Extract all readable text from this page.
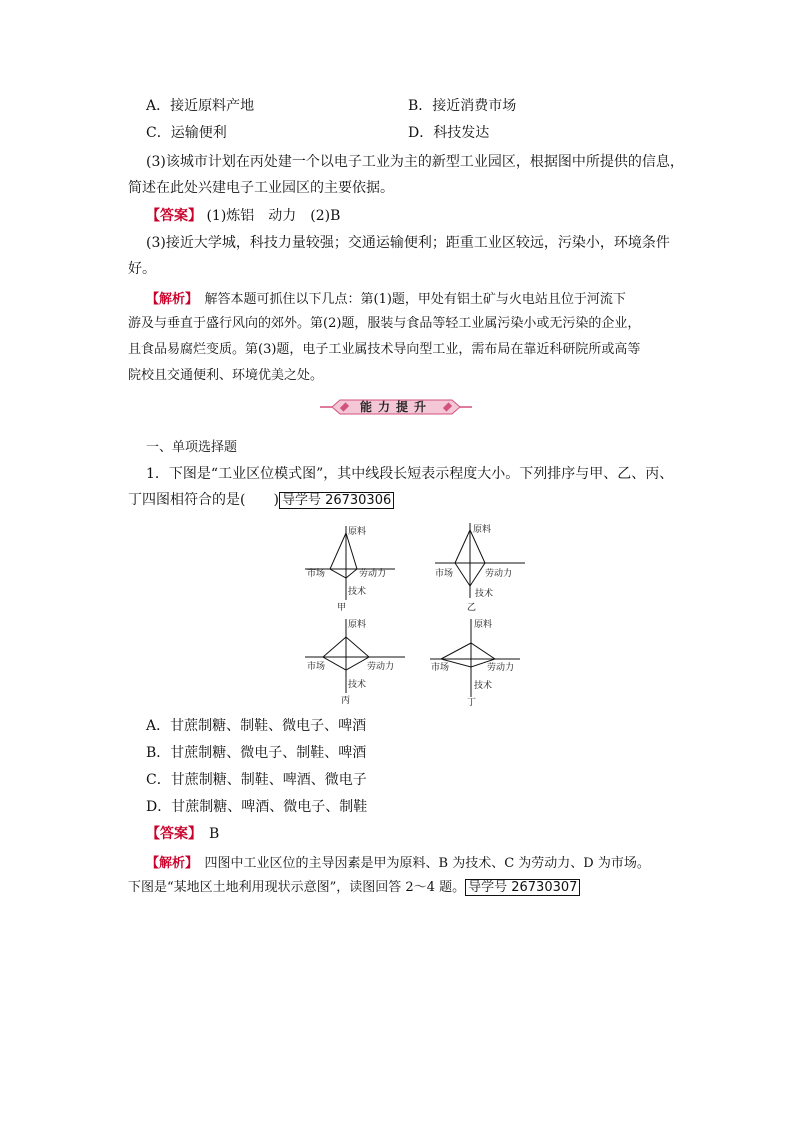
A．接近原料产地	B．接近消费市场
C．运输便利	D．科技发达
(3)该城市计划在丙处建一个以电子工业为主的新型工业园区，根据图中所提供的信息，
简述在此处兴建电子工业园区的主要依据。
【答案】 (1)炼铝　动力　(2)B
(3)接近大学城，科技力量较强；交通运输便利；距重工业区较远，污染小，环境条件
好。
【解析】　解答本题可抓住以下几点：第(1)题，甲处有铝土矿与火电站且位于河流下
游及与垂直于盛行风向的郊外。第(2)题，服装与食品等轻工业属污染小或无污染的企业，
且食品易腐烂变质。第(3)题，电子工业属技术导向型工业，需布局在靠近科研院所或高等
院校且交通便利、环境优美之处。
能力提升
一、单项选择题
1．下图是“工业区位模式图”，其中线段长短表示程度大小。下列排序与甲、乙、丙、
丁四图相符合的是(　　) 导学号 26730306
原料
市场	劳动力
技术
甲
原料
市场	劳动力
技术
乙
原料
市场	劳动力
技术
丙
原料
市场	劳动力
技术
丁
A．甘蔗制糖、制鞋、微电子、啤酒
B．甘蔗制糖、微电子、制鞋、啤酒
C．甘蔗制糖、制鞋、啤酒、微电子
D．甘蔗制糖、啤酒、微电子、制鞋
【答案】　B
【解析】　四图中工业区位的主导因素是甲为原料、B 为技术、C 为劳动力、D 为市场。
下图是“某地区土地利用现状示意图”，读图回答 2～4 题。 导学号 26730307
